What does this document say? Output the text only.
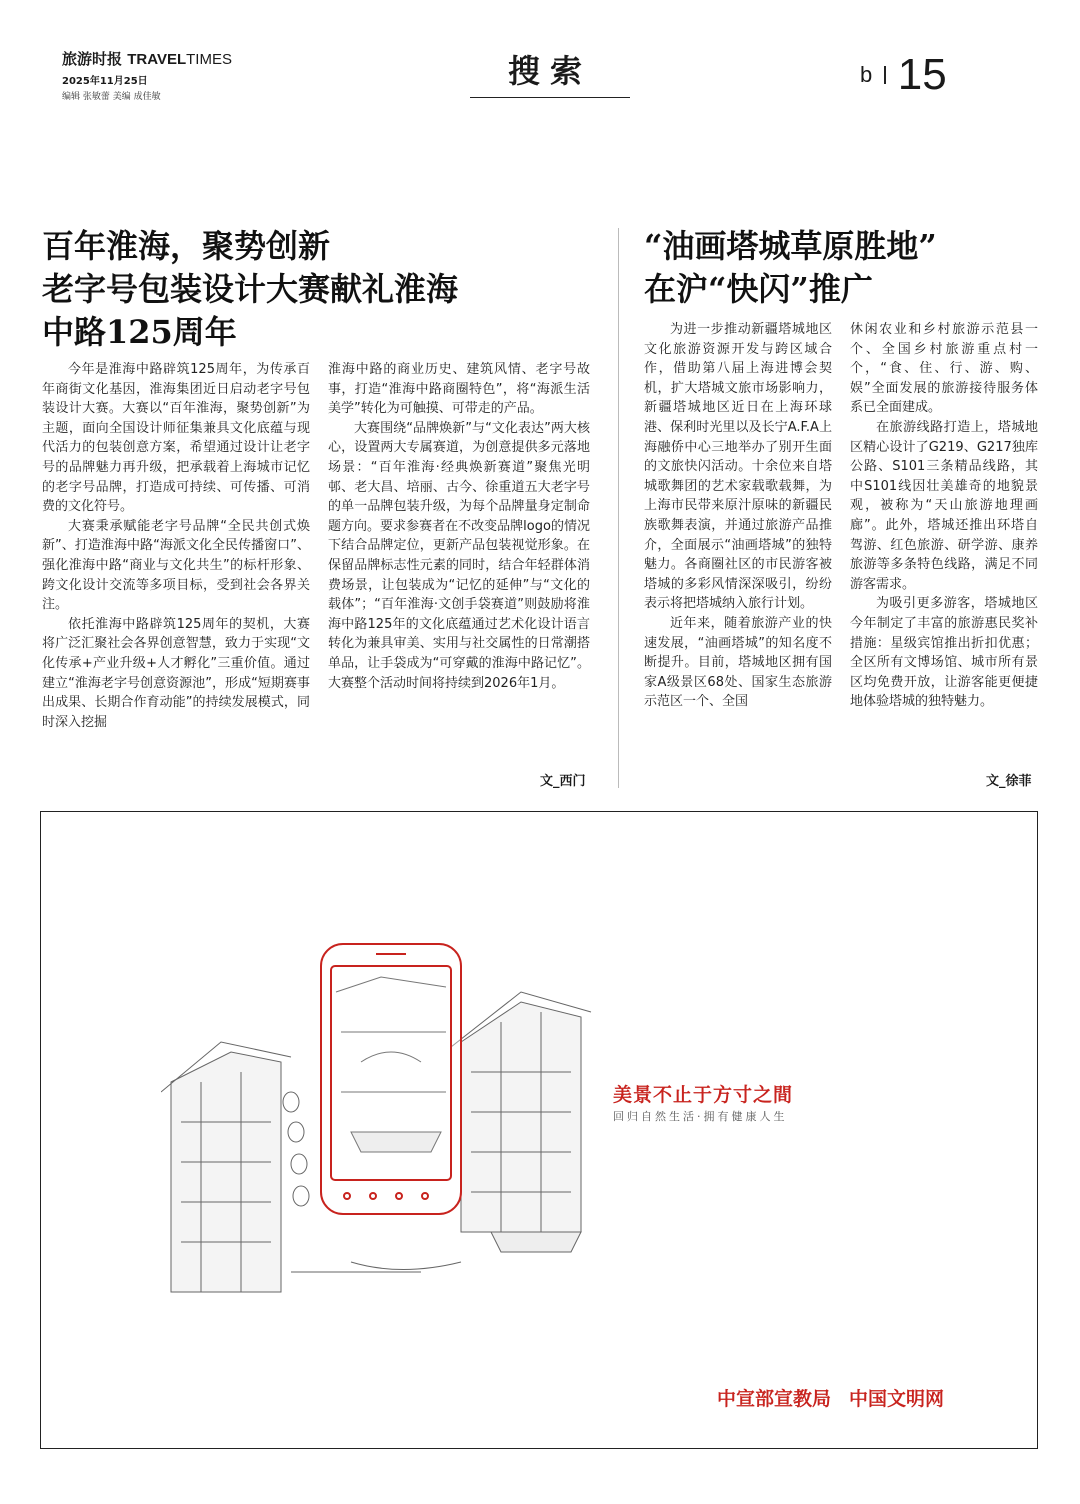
旅游时报 TRAVELTIMES
2025年11月25日
编辑 张敏蕾 美编 成佳敏
搜索	b 15
百年淮海，聚势创新
老字号包装设计大赛献礼淮海
中路125周年

今年是淮海中路辟筑125周年，为传承百年商街文化基因，淮海集团近日启动老字号包装设计大赛。大赛以“百年淮海，聚势创新”为主题，面向全国设计师征集兼具文化底蕴与现代活力的包装创意方案，希望通过设计让老字号的品牌魅力再升级，把承载着上海城市记忆的老字号品牌，打造成可持续、可传播、可消费的文化符号。

大赛秉承赋能老字号品牌“全民共创式焕新”、打造淮海中路“海派文化全民传播窗口”、强化淮海中路“商业与文化共生”的标杆形象、跨文化设计交流等多项目标，受到社会各界关注。

依托淮海中路辟筑125周年的契机，大赛将广泛汇聚社会各界创意智慧，致力于实现“文化传承+产业升级+人才孵化”三重价值。通过建立“淮海老字号创意资源池”，形成“短期赛事出成果、长期合作育动能”的持续发展模式，同时深入挖掘

淮海中路的商业历史、建筑风情、老字号故事，打造“淮海中路商圈特色”，将“海派生活美学”转化为可触摸、可带走的产品。

大赛围绕“品牌焕新”与“文化表达”两大核心，设置两大专属赛道，为创意提供多元落地场景：“百年淮海·经典焕新赛道”聚焦光明邨、老大昌、培丽、古今、徐重道五大老字号的单一品牌包装升级，为每个品牌量身定制命题方向。要求参赛者在不改变品牌logo的情况下结合品牌定位，更新产品包装视觉形象。在保留品牌标志性元素的同时，结合年轻群体消费场景，让包装成为“记忆的延伸”与“文化的载体”；“百年淮海·文创手袋赛道”则鼓励将淮海中路125年的文化底蕴通过艺术化设计语言转化为兼具审美、实用与社交属性的日常潮搭单品，让手袋成为“可穿戴的淮海中路记忆”。大赛整个活动时间将持续到2026年1月。

文_西门
“油画塔城草原胜地”
在沪“快闪”推广

为进一步推动新疆塔城地区文化旅游资源开发与跨区域合作，借助第八届上海进博会契机，扩大塔城文旅市场影响力，新疆塔城地区近日在上海环球港、保利时光里以及长宁A.F.A上海融侨中心三地举办了别开生面的文旅快闪活动。十余位来自塔城歌舞团的艺术家载歌载舞，为上海市民带来原汁原味的新疆民族歌舞表演，并通过旅游产品推介，全面展示“油画塔城”的独特魅力。各商圈社区的市民游客被塔城的多彩风情深深吸引，纷纷表示将把塔城纳入旅行计划。

近年来，随着旅游产业的快速发展，“油画塔城”的知名度不断提升。目前，塔城地区拥有国家A级景区68处、国家生态旅游示范区一个、全国

休闲农业和乡村旅游示范县一个、全国乡村旅游重点村一个，“食、住、行、游、购、娱”全面发展的旅游接待服务体系已全面建成。

在旅游线路打造上，塔城地区精心设计了G219、G217独库公路、S101三条精品线路，其中S101线因壮美雄奇的地貌景观，被称为“天山旅游地理画廊”。此外，塔城还推出环塔自驾游、红色旅游、研学游、康养旅游等多条特色线路，满足不同游客需求。

为吸引更多游客，塔城地区今年制定了丰富的旅游惠民奖补措施：星级宾馆推出折扣优惠；全区所有文博场馆、城市所有景区均免费开放，让游客能更便捷地体验塔城的独特魅力。

文_徐菲
美景不止于方寸之間
回归自然生活·拥有健康人生
中宣部宣教局 中国文明网
